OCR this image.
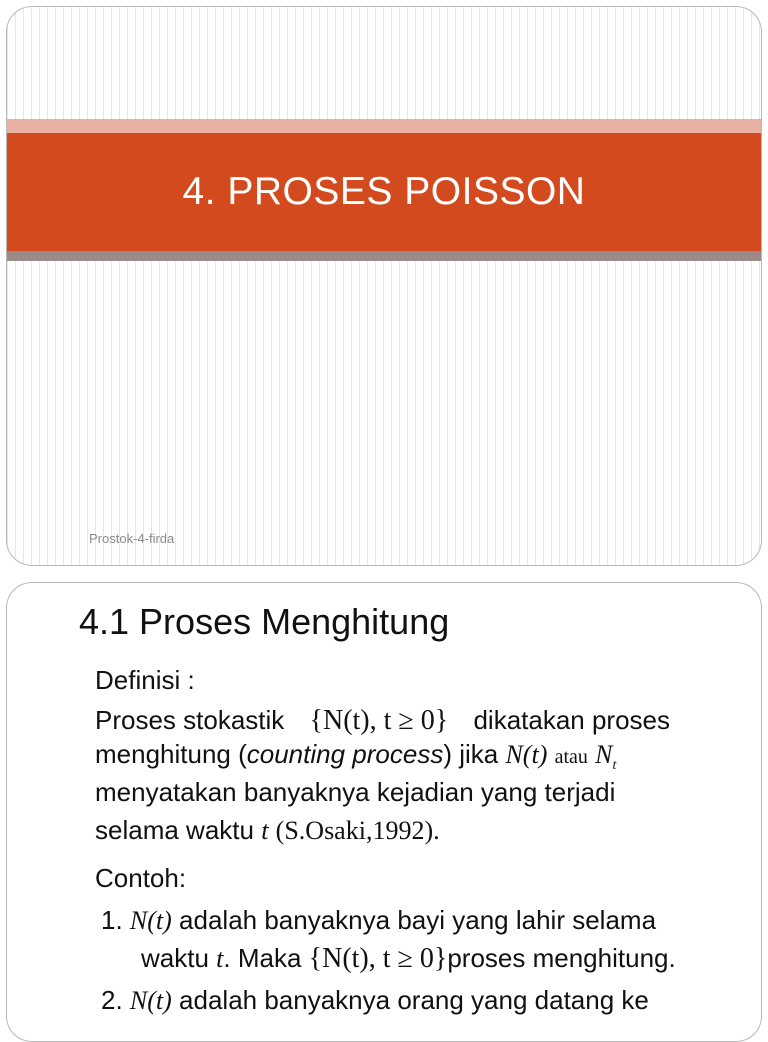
4. PROSES POISSON
Prostok-4-firda
4.1 Proses Menghitung
Definisi :
Proses stokastik {N(t), t ≥ 0} dikatakan proses
menghitung (counting process) jika N(t) atau $N_t$
menyatakan banyaknya kejadian yang terjadi
selama waktu t (S.Osaki,1992).
Contoh:
1. N(t) adalah banyaknya bayi yang lahir selama
waktu t. Maka {N(t), t ≥ 0}proses menghitung.
2. N(t) adalah banyaknya orang yang datang ke
